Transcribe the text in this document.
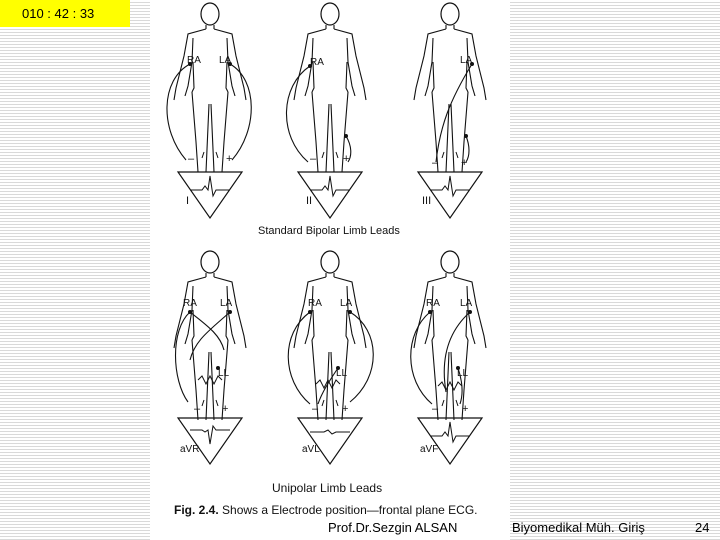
010 : 42 : 33
RA LA
–	+
I
RA
– +
II
LA
– +
III
Standard Bipolar Limb Leads
RA LA
LL
– +
aVR
RA LA
LL
– +
aVL
RA LA
LL
– +
aVF
Unipolar Limb Leads
Fig. 2.4. Shows a Electrode position—frontal plane ECG.
Prof.Dr.Sezgin ALSAN	Biyomedikal Müh. Giriş	24
